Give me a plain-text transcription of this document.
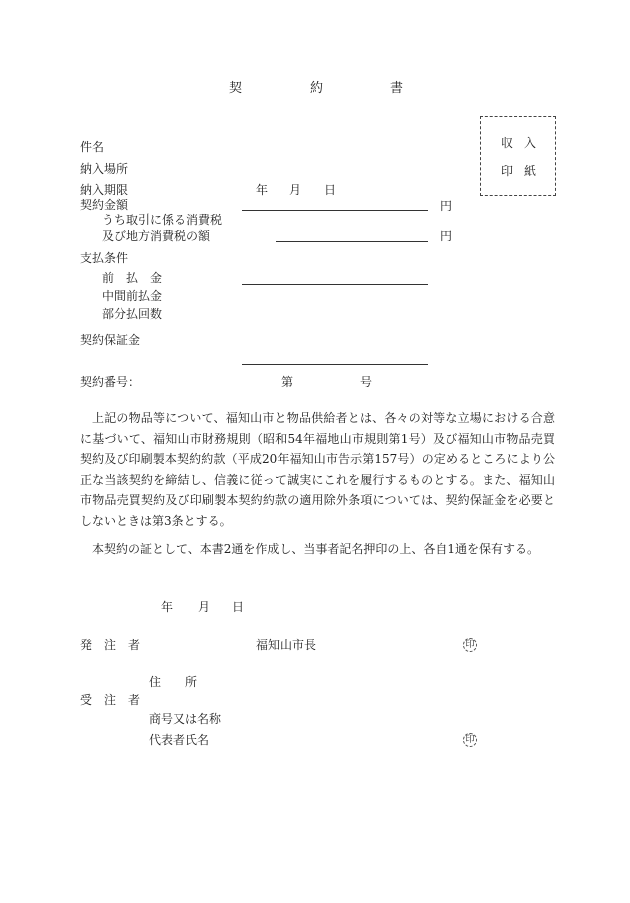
契	約	書
収 入
印 紙
件名
納入場所
納入期限	年 月 日
契約金額	円
うち取引に係る消費税
及び地方消費税の額	円
支払条件
前　払　金
中間前払金
部分払回数
契約保証金
契約番号：	第	号

上記の物品等について、福知山市と物品供給者とは、各々の対等な立場における合意に基づいて、福知山市財務規則（昭和54年福地山市規則第1号）及び福知山市物品売買契約及び印刷製本契約約款（平成20年福知山市告示第157号）の定めるところにより公正な当該契約を締結し、信義に従って誠実にこれを履行するものとする。また、福知山市物品売買契約及び印刷製本契約約款の適用除外条項については、契約保証金を必要としないときは第3条とする。

本契約の証として、本書2通を作成し、当事者記名押印の上、各自1通を保有する。

年 月 日
発　注　者	福知山市長	印
住　　所
受　注　者
商号又は名称
代表者氏名	印
